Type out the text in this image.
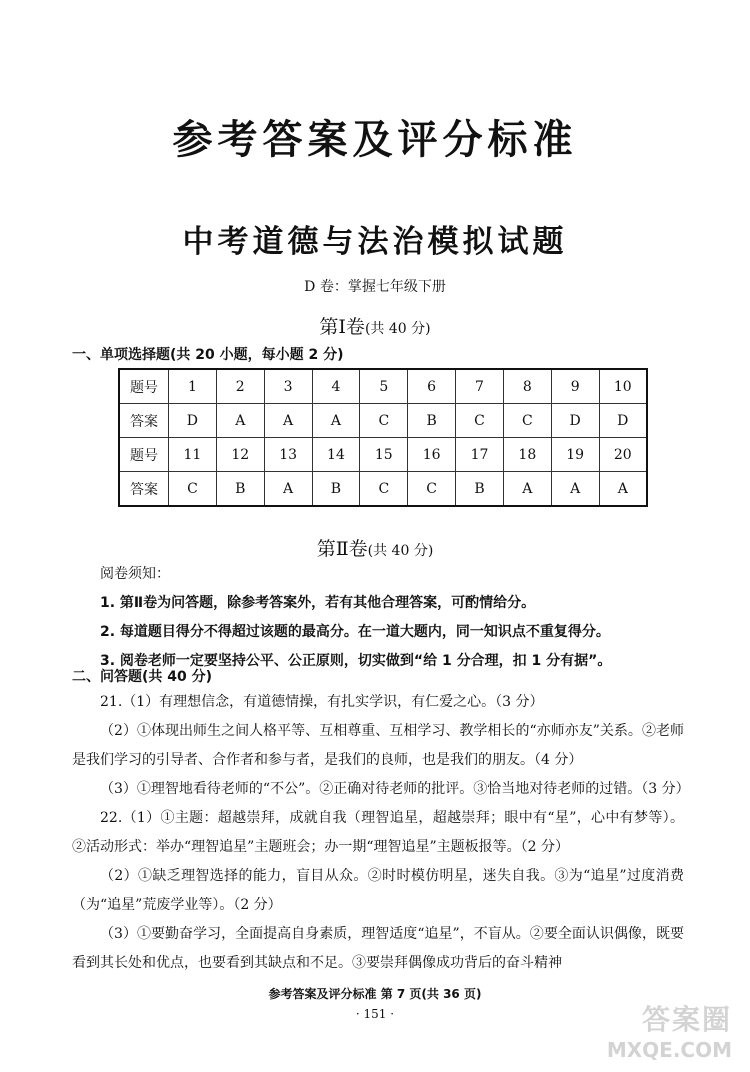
参考答案及评分标准
中考道德与法治模拟试题
D 卷：掌握七年级下册
第Ⅰ卷(共 40 分)
一、单项选择题(共 20 小题，每小题 2 分)
题号	1	2	3	4	5	6	7	8	9	10
答案	D	A	A	A	C	B	C	C	D	D
题号	11	12	13	14	15	16	17	18	19	20
答案	C	B	A	B	C	C	B	A	A	A
第Ⅱ卷(共 40 分)
阅卷须知：
1. 第Ⅱ卷为问答题，除参考答案外，若有其他合理答案，可酌情给分。
2. 每道题目得分不得超过该题的最高分。在一道大题内，同一知识点不重复得分。
3. 阅卷老师一定要坚持公平、公正原则，切实做到“给 1 分合理，扣 1 分有据”。
二、问答题(共 40 分)
21.（1）有理想信念，有道德情操，有扎实学识，有仁爱之心。（3 分）
（2）①体现出师生之间人格平等、互相尊重、互相学习、教学相长的“亦师亦友”关系。②老师是我们学习的引导者、合作者和参与者，是我们的良师，也是我们的朋友。（4 分）
（3）①理智地看待老师的“不公”。②正确对待老师的批评。③恰当地对待老师的过错。（3 分）
22.（1）①主题：超越崇拜，成就自我（理智追星，超越崇拜；眼中有“星”，心中有梦等）。②活动形式：举办“理智追星”主题班会；办一期“理智追星”主题板报等。（2 分）
（2）①缺乏理智选择的能力，盲目从众。②时时模仿明星，迷失自我。③为“追星”过度消费（为“追星”荒废学业等）。（2 分）
（3）①要勤奋学习，全面提高自身素质，理智适度“追星”，不盲从。②要全面认识偶像，既要看到其长处和优点，也要看到其缺点和不足。③要崇拜偶像成功背后的奋斗精神
参考答案及评分标准 第 7 页(共 36 页)
· 151 ·	答案圈
MXQE.COM
